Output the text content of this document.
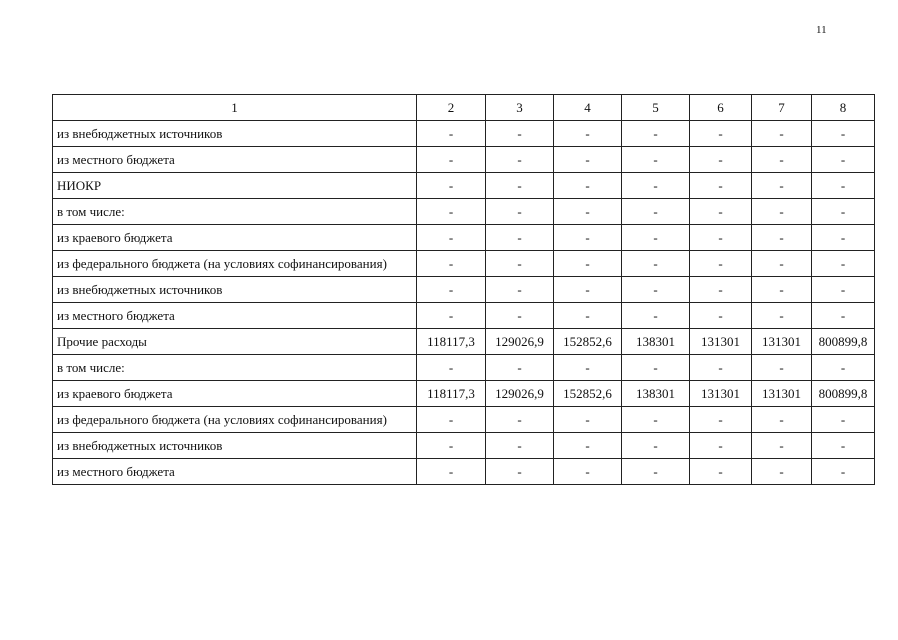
11
1	2	3	4	5	6	7	8
из внебюджетных источников	-	-	-	-	-	-	-
из местного бюджета	-	-	-	-	-	-	-
НИОКР	-	-	-	-	-	-	-
в том числе:	-	-	-	-	-	-	-
из краевого бюджета	-	-	-	-	-	-	-
из федерального бюджета (на условиях софинансирования)	-	-	-	-	-	-	-
из внебюджетных источников	-	-	-	-	-	-	-
из местного бюджета	-	-	-	-	-	-	-
Прочие расходы	118117,3	129026,9	152852,6	138301	131301	131301	800899,8
в том числе:	-	-	-	-	-	-	-
из краевого бюджета	118117,3	129026,9	152852,6	138301	131301	131301	800899,8
из федерального бюджета (на условиях софинансирования)	-	-	-	-	-	-	-
из внебюджетных источников	-	-	-	-	-	-	-
из местного бюджета	-	-	-	-	-	-	-
